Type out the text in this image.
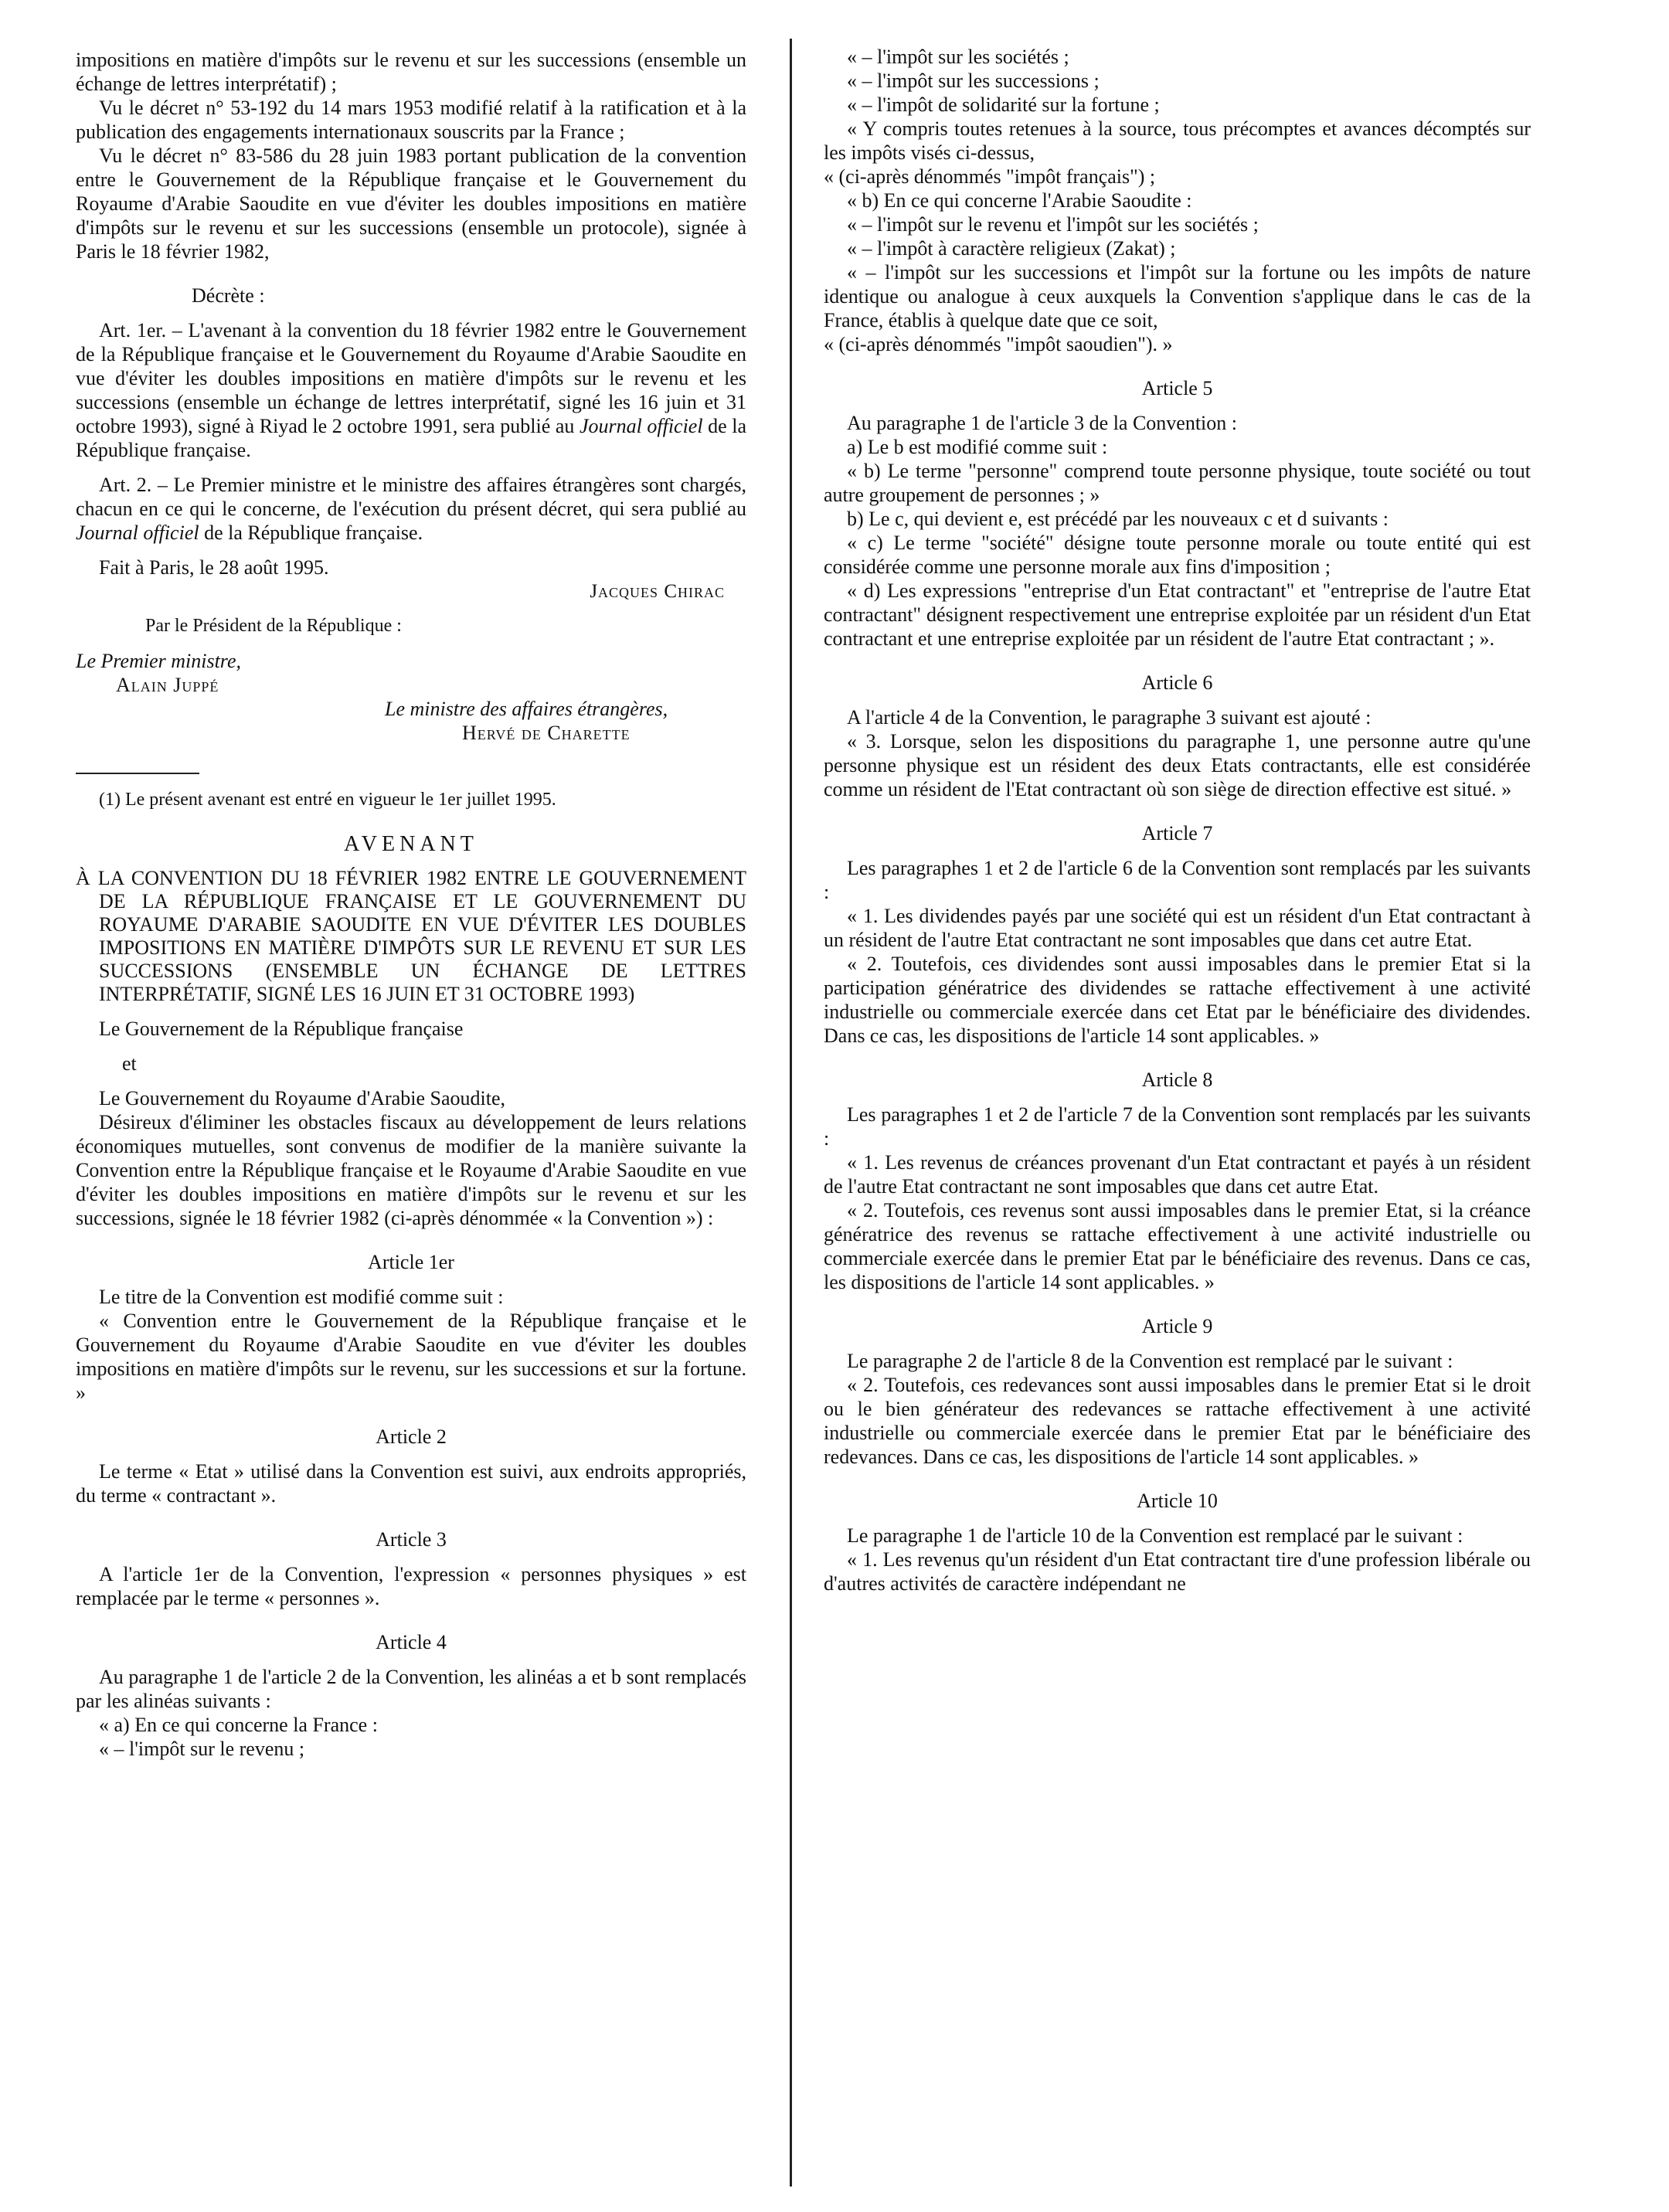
impositions en matière d'impôts sur le revenu et sur les successions (ensemble un échange de lettres interprétatif) ;

Vu le décret n° 53-192 du 14 mars 1953 modifié relatif à la ratification et à la publication des engagements internationaux souscrits par la France ;

Vu le décret n° 83-586 du 28 juin 1983 portant publication de la convention entre le Gouvernement de la République française et le Gouvernement du Royaume d'Arabie Saoudite en vue d'éviter les doubles impositions en matière d'impôts sur le revenu et sur les successions (ensemble un protocole), signée à Paris le 18 février 1982,

Décrète :

Art. 1er. – L'avenant à la convention du 18 février 1982 entre le Gouvernement de la République française et le Gouvernement du Royaume d'Arabie Saoudite en vue d'éviter les doubles impositions en matière d'impôts sur le revenu et les successions (ensemble un échange de lettres interprétatif, signé les 16 juin et 31 octobre 1993), signé à Riyad le 2 octobre 1991, sera publié au Journal officiel de la République française.

Art. 2. – Le Premier ministre et le ministre des affaires étrangères sont chargés, chacun en ce qui le concerne, de l'exécution du présent décret, qui sera publié au Journal officiel de la République française.

Fait à Paris, le 28 août 1995.

Jacques Chirac

Par le Président de la République :

Le Premier ministre,

Alain Juppé

Le ministre des affaires étrangères,

Hervé de Charette

(1) Le présent avenant est entré en vigueur le 1er juillet 1995.

AVENANT

À LA CONVENTION DU 18 FÉVRIER 1982 ENTRE LE GOUVERNEMENT DE LA RÉPUBLIQUE FRANÇAISE ET LE GOUVERNEMENT DU ROYAUME D'ARABIE SAOUDITE EN VUE D'ÉVITER LES DOUBLES IMPOSITIONS EN MATIÈRE D'IMPÔTS SUR LE REVENU ET SUR LES SUCCESSIONS (ENSEMBLE UN ÉCHANGE DE LETTRES INTERPRÉTATIF, SIGNÉ LES 16 JUIN ET 31 OCTOBRE 1993)

Le Gouvernement de la République française

et

Le Gouvernement du Royaume d'Arabie Saoudite,

Désireux d'éliminer les obstacles fiscaux au développement de leurs relations économiques mutuelles, sont convenus de modifier de la manière suivante la Convention entre la République française et le Royaume d'Arabie Saoudite en vue d'éviter les doubles impositions en matière d'impôts sur le revenu et sur les successions, signée le 18 février 1982 (ci-après dénommée « la Convention ») :

Article 1er

Le titre de la Convention est modifié comme suit :

« Convention entre le Gouvernement de la République française et le Gouvernement du Royaume d'Arabie Saoudite en vue d'éviter les doubles impositions en matière d'impôts sur le revenu, sur les successions et sur la fortune. »

Article 2

Le terme « Etat » utilisé dans la Convention est suivi, aux endroits appropriés, du terme « contractant ».

Article 3

A l'article 1er de la Convention, l'expression « personnes physiques » est remplacée par le terme « personnes ».

Article 4

Au paragraphe 1 de l'article 2 de la Convention, les alinéas a et b sont remplacés par les alinéas suivants :

« a) En ce qui concerne la France :

« – l'impôt sur le revenu ;

« – l'impôt sur les sociétés ;

« – l'impôt sur les successions ;

« – l'impôt de solidarité sur la fortune ;

« Y compris toutes retenues à la source, tous précomptes et avances décomptés sur les impôts visés ci-dessus,

« (ci-après dénommés "impôt français") ;

« b) En ce qui concerne l'Arabie Saoudite :

« – l'impôt sur le revenu et l'impôt sur les sociétés ;

« – l'impôt à caractère religieux (Zakat) ;

« – l'impôt sur les successions et l'impôt sur la fortune ou les impôts de nature identique ou analogue à ceux auxquels la Convention s'applique dans le cas de la France, établis à quelque date que ce soit,

« (ci-après dénommés "impôt saoudien"). »

Article 5

Au paragraphe 1 de l'article 3 de la Convention :

a) Le b est modifié comme suit :

« b) Le terme "personne" comprend toute personne physique, toute société ou tout autre groupement de personnes ; »

b) Le c, qui devient e, est précédé par les nouveaux c et d suivants :

« c) Le terme "société" désigne toute personne morale ou toute entité qui est considérée comme une personne morale aux fins d'imposition ;

« d) Les expressions "entreprise d'un Etat contractant" et "entreprise de l'autre Etat contractant" désignent respectivement une entreprise exploitée par un résident d'un Etat contractant et une entreprise exploitée par un résident de l'autre Etat contractant ; ».

Article 6

A l'article 4 de la Convention, le paragraphe 3 suivant est ajouté :

« 3. Lorsque, selon les dispositions du paragraphe 1, une personne autre qu'une personne physique est un résident des deux Etats contractants, elle est considérée comme un résident de l'Etat contractant où son siège de direction effective est situé. »

Article 7

Les paragraphes 1 et 2 de l'article 6 de la Convention sont remplacés par les suivants :

« 1. Les dividendes payés par une société qui est un résident d'un Etat contractant à un résident de l'autre Etat contractant ne sont imposables que dans cet autre Etat.

« 2. Toutefois, ces dividendes sont aussi imposables dans le premier Etat si la participation génératrice des dividendes se rattache effectivement à une activité industrielle ou commerciale exercée dans cet Etat par le bénéficiaire des dividendes. Dans ce cas, les dispositions de l'article 14 sont applicables. »

Article 8

Les paragraphes 1 et 2 de l'article 7 de la Convention sont remplacés par les suivants :

« 1. Les revenus de créances provenant d'un Etat contractant et payés à un résident de l'autre Etat contractant ne sont imposables que dans cet autre Etat.

« 2. Toutefois, ces revenus sont aussi imposables dans le premier Etat, si la créance génératrice des revenus se rattache effectivement à une activité industrielle ou commerciale exercée dans le premier Etat par le bénéficiaire des revenus. Dans ce cas, les dispositions de l'article 14 sont applicables. »

Article 9

Le paragraphe 2 de l'article 8 de la Convention est remplacé par le suivant :

« 2. Toutefois, ces redevances sont aussi imposables dans le premier Etat si le droit ou le bien générateur des redevances se rattache effectivement à une activité industrielle ou commerciale exercée dans le premier Etat par le bénéficiaire des redevances. Dans ce cas, les dispositions de l'article 14 sont applicables. »

Article 10

Le paragraphe 1 de l'article 10 de la Convention est remplacé par le suivant :

« 1. Les revenus qu'un résident d'un Etat contractant tire d'une profession libérale ou d'autres activités de caractère indépendant ne
